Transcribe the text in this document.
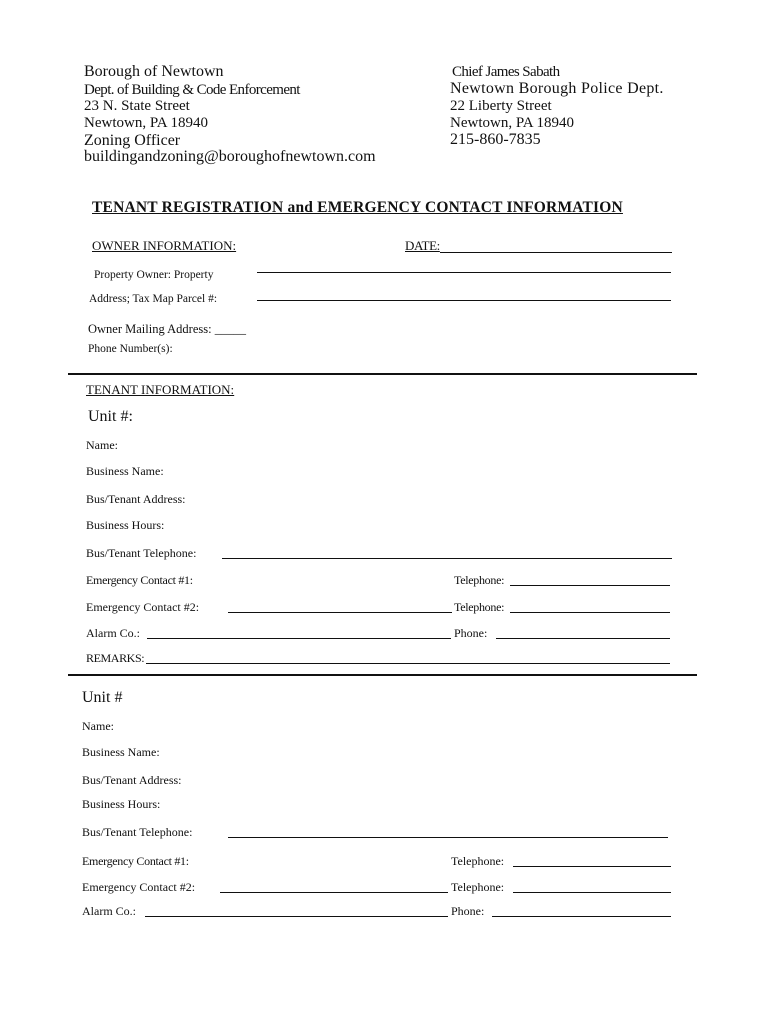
Borough of Newtown
Dept. of Building & Code Enforcement
23 N. State Street
Newtown, PA 18940
Zoning Officer
buildingandzoning@boroughofnewtown.com
Chief James Sabath
Newtown Borough Police Dept.
22 Liberty Street
Newtown, PA 18940
215-860-7835
TENANT REGISTRATION and EMERGENCY CONTACT INFORMATION
OWNER INFORMATION:	DATE:
Property Owner: Property
Address; Tax Map Parcel #:
Owner Mailing Address: _____
Phone Number(s):
TENANT INFORMATION:
Unit #:
Name:
Business Name:
Bus/Tenant Address:
Business Hours:
Bus/Tenant Telephone:
Emergency Contact #1:	Telephone:
Emergency Contact #2:	Telephone:
Alarm Co.:	Phone:
REMARKS:
Unit #
Name:
Business Name:
Bus/Tenant Address:
Business Hours:
Bus/Tenant Telephone:
Emergency Contact #1:	Telephone:
Emergency Contact #2:	Telephone:
Alarm Co.:	Phone:
